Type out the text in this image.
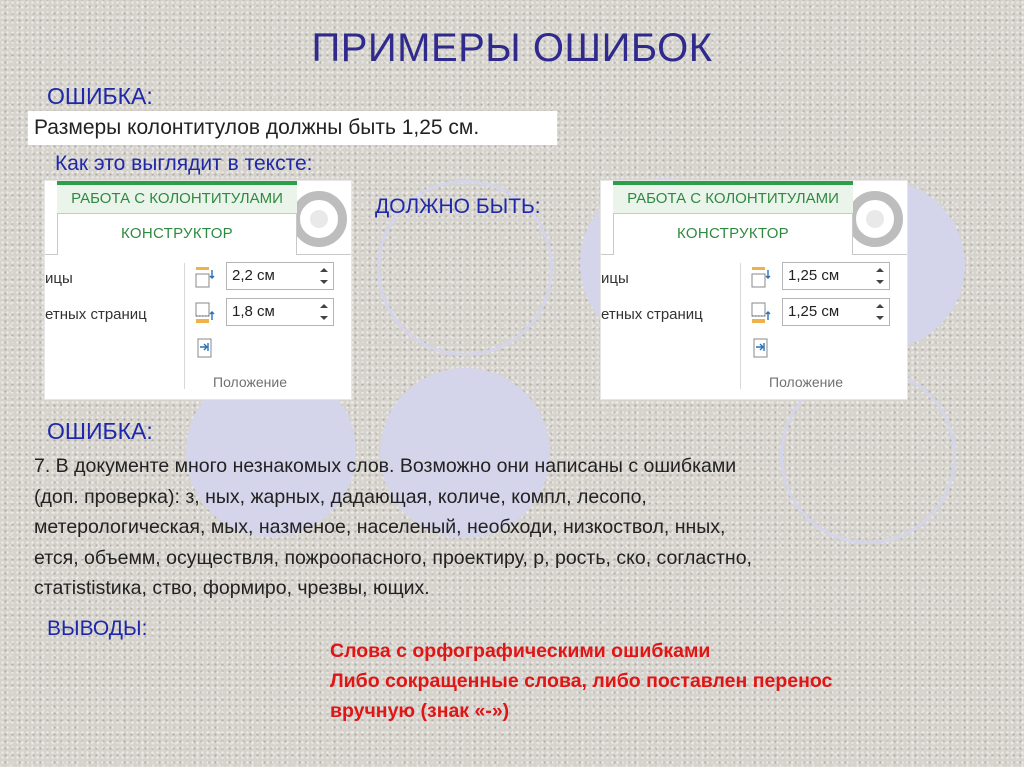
ПРИМЕРЫ ОШИБОК
ОШИБКА:
Размеры колонтитулов должны быть 1,25 см.
Как это выглядит в тексте:
ДОЛЖНО БЫТЬ:
РАБОТА С КОЛОНТИТУЛАМИ
КОНСТРУКТОР
ицы
етных страниц
2,2 см
1,8 см
Положение
РАБОТА С КОЛОНТИТУЛАМИ
КОНСТРУКТОР
ицы
етных страниц
1,25 см
1,25 см
Положение
ОШИБКА:
7. В документе много незнакомых слов. Возможно они написаны с ошибками
(доп. проверка): з, ных, жарных, дадающая, количе, компл, лесопо,
метерологическая, мых, назменое, населеный, необходи, низкоствол, нных,
ется, объемм, осуществля, пожроопасного, проектиру, р, рость, ско, согластно,
статististика, ство, формиро, чрезвы, ющих.
ВЫВОДЫ:
Слова с орфографическими ошибками
Либо сокращенные слова, либо поставлен перенос
вручную (знак «-»)
